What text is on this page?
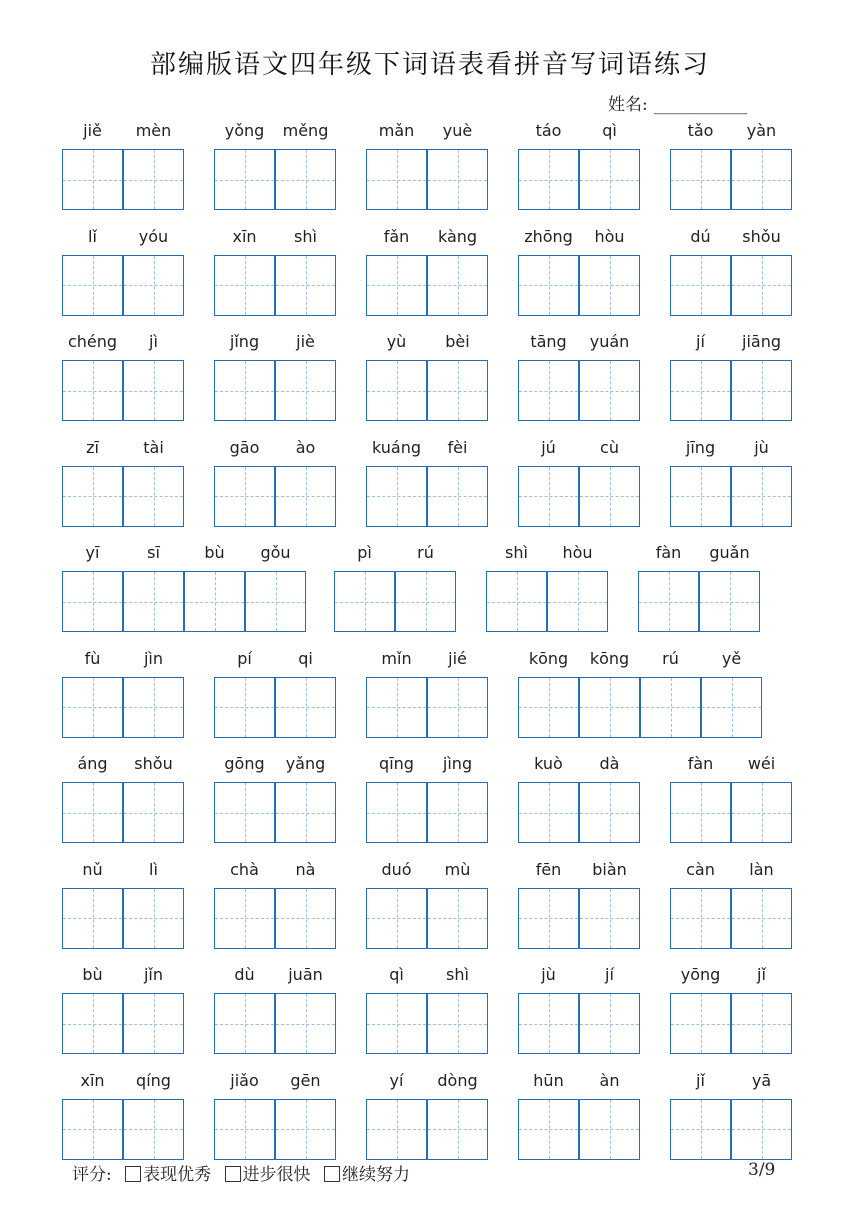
部编版语文四年级下词语表看拼音写词语练习
姓名: ___________
jiě	mèn	yǒng	měng	mǎn	yuè	táo	qì	tǎo	yàn
lǐ	yóu	xīn	shì	fǎn	kàng	zhōng	hòu	dú	shǒu
chéng	jì	jǐng	jiè	yù	bèi	tāng	yuán	jí	jiāng
zī	tài	gāo	ào	kuáng	fèi	jú	cù	jīng	jù
yī	sī	bù	gǒu	pì	rú	shì	hòu	fàn	guǎn
fù	jìn	pí	qi	mǐn	jié	kōng	kōng	rú	yě
áng	shǒu	gōng	yǎng	qīng	jìng	kuò	dà	fàn	wéi
nǔ	lì	chà	nà	duó	mù	fēn	biàn	càn	làn
bù	jǐn	dù	juān	qì	shì	jù	jí	yōng	jǐ
xīn	qíng	jiǎo	gēn	yí	dòng	hūn	àn	jǐ	yā
评分: 表现优秀 进步很快 继续努力	3/9
